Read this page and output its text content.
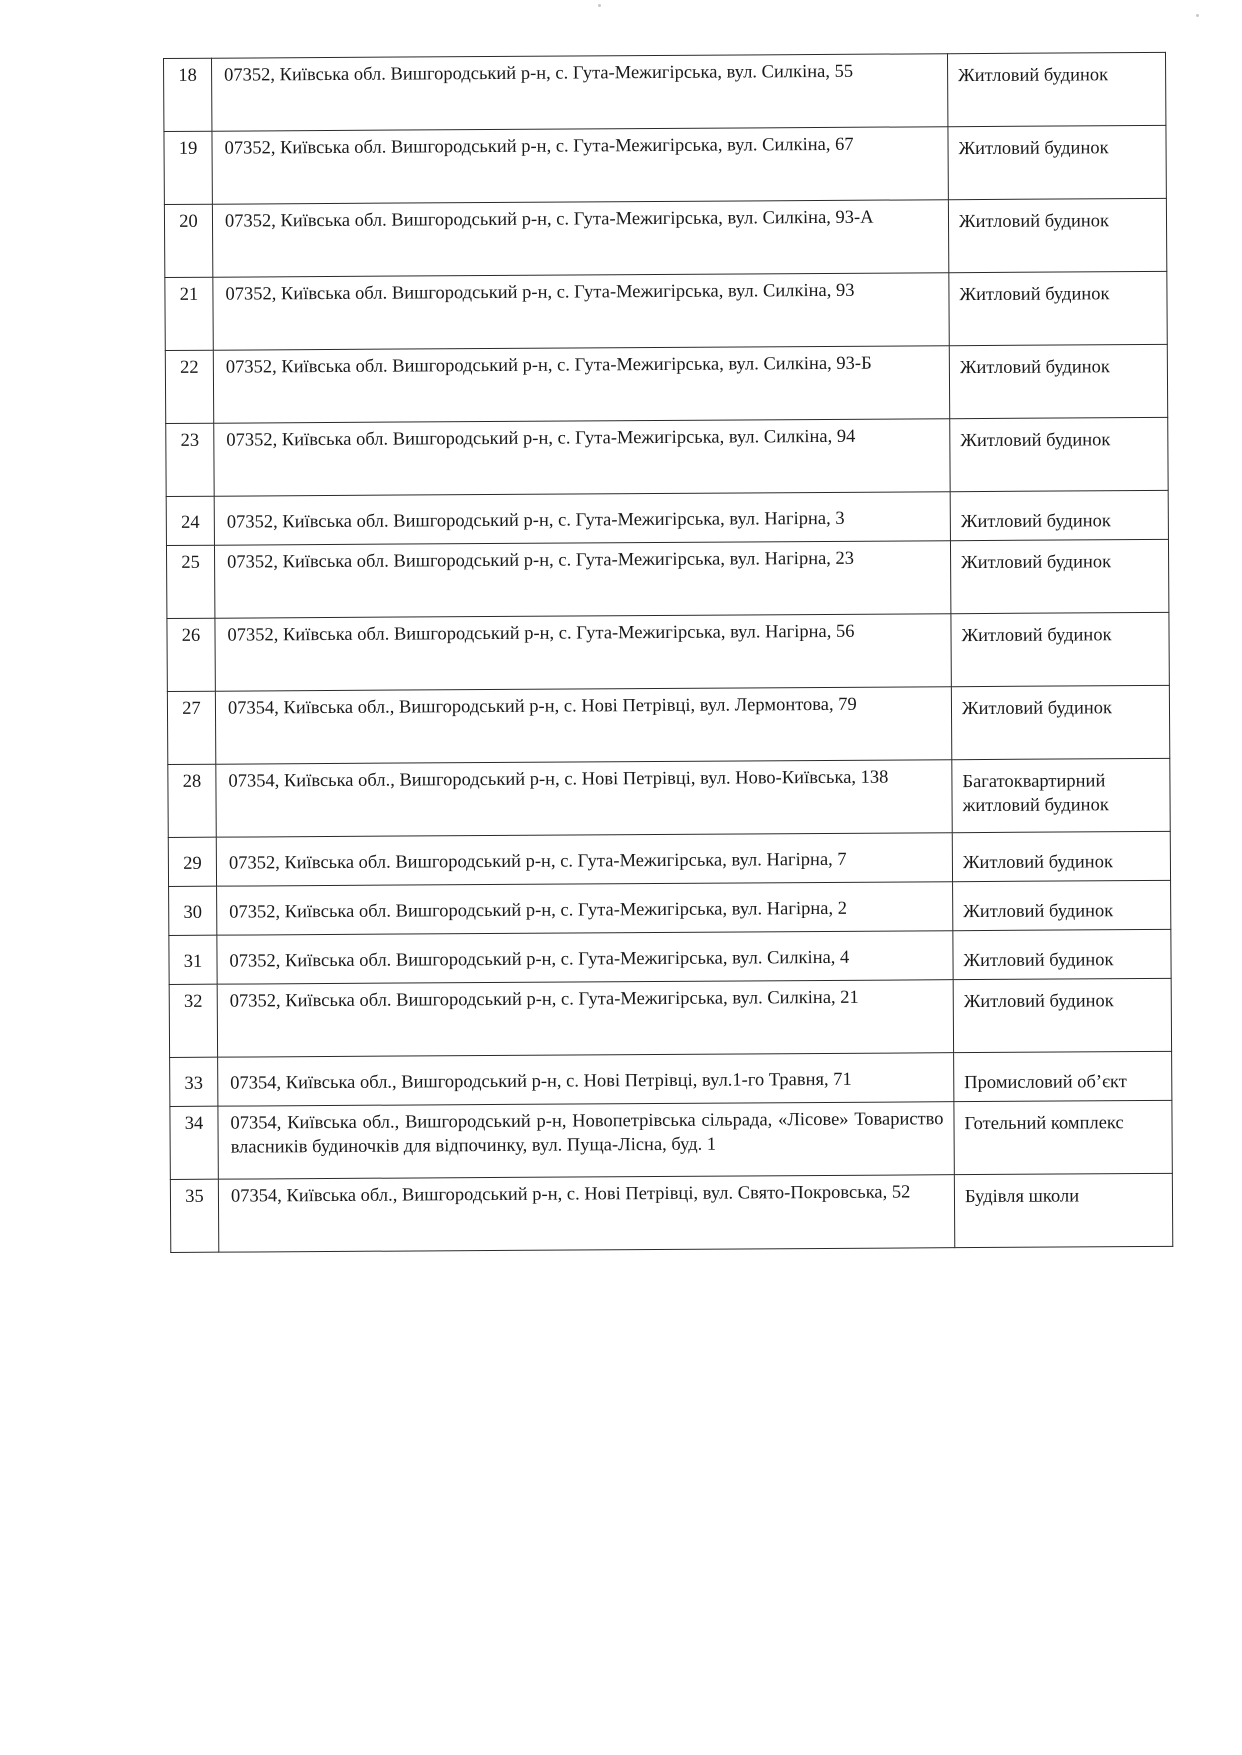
18	07352, Київська обл. Вишгородський р-н, с. Гута-Межигірська, вул. Силкіна, 55	Житловий будинок

19	07352, Київська обл. Вишгородський р-н, с. Гута-Межигірська, вул. Силкіна, 67	Житловий будинок

20	07352, Київська обл. Вишгородський р-н, с. Гута-Межигірська, вул. Силкіна, 93-А	Житловий будинок

21	07352, Київська обл. Вишгородський р-н, с. Гута-Межигірська, вул. Силкіна, 93	Житловий будинок

22	07352, Київська обл. Вишгородський р-н, с. Гута-Межигірська, вул. Силкіна, 93-Б	Житловий будинок

23	07352, Київська обл. Вишгородський р-н, с. Гута-Межигірська, вул. Силкіна, 94	Житловий будинок

24	07352, Київська обл. Вишгородський р-н, с. Гута-Межигірська, вул. Нагірна, 3	Житловий будинок

25	07352, Київська обл. Вишгородський р-н, с. Гута-Межигірська, вул. Нагірна, 23	Житловий будинок

26	07352, Київська обл. Вишгородський р-н, с. Гута-Межигірська, вул. Нагірна, 56	Житловий будинок

27	07354, Київська обл., Вишгородський р-н, с. Нові Петрівці, вул. Лермонтова, 79	Житловий будинок

28	07354, Київська обл., Вишгородський р-н, с. Нові Петрівці, вул. Ново-Київська, 138	Багатоквартирний житловий будинок

29	07352, Київська обл. Вишгородський р-н, с. Гута-Межигірська, вул. Нагірна, 7	Житловий будинок

30	07352, Київська обл. Вишгородський р-н, с. Гута-Межигірська, вул. Нагірна, 2	Житловий будинок

31	07352, Київська обл. Вишгородський р-н, с. Гута-Межигірська, вул. Силкіна, 4	Житловий будинок

32	07352, Київська обл. Вишгородський р-н, с. Гута-Межигірська, вул. Силкіна, 21	Житловий будинок

33	07354, Київська обл., Вишгородський р-н, с. Нові Петрівці, вул.1-го Травня, 71	Промисловий об’єкт

34	07354, Київська обл., Вишгородський р-н, Новопетрівська сільрада, «Лісове» Товариство власників будиночків для відпочинку, вул. Пуща-Лісна, буд. 1	Готельний комплекс

35	07354, Київська обл., Вишгородський р-н, с. Нові Петрівці, вул. Свято-Покровська, 52	Будівля школи
